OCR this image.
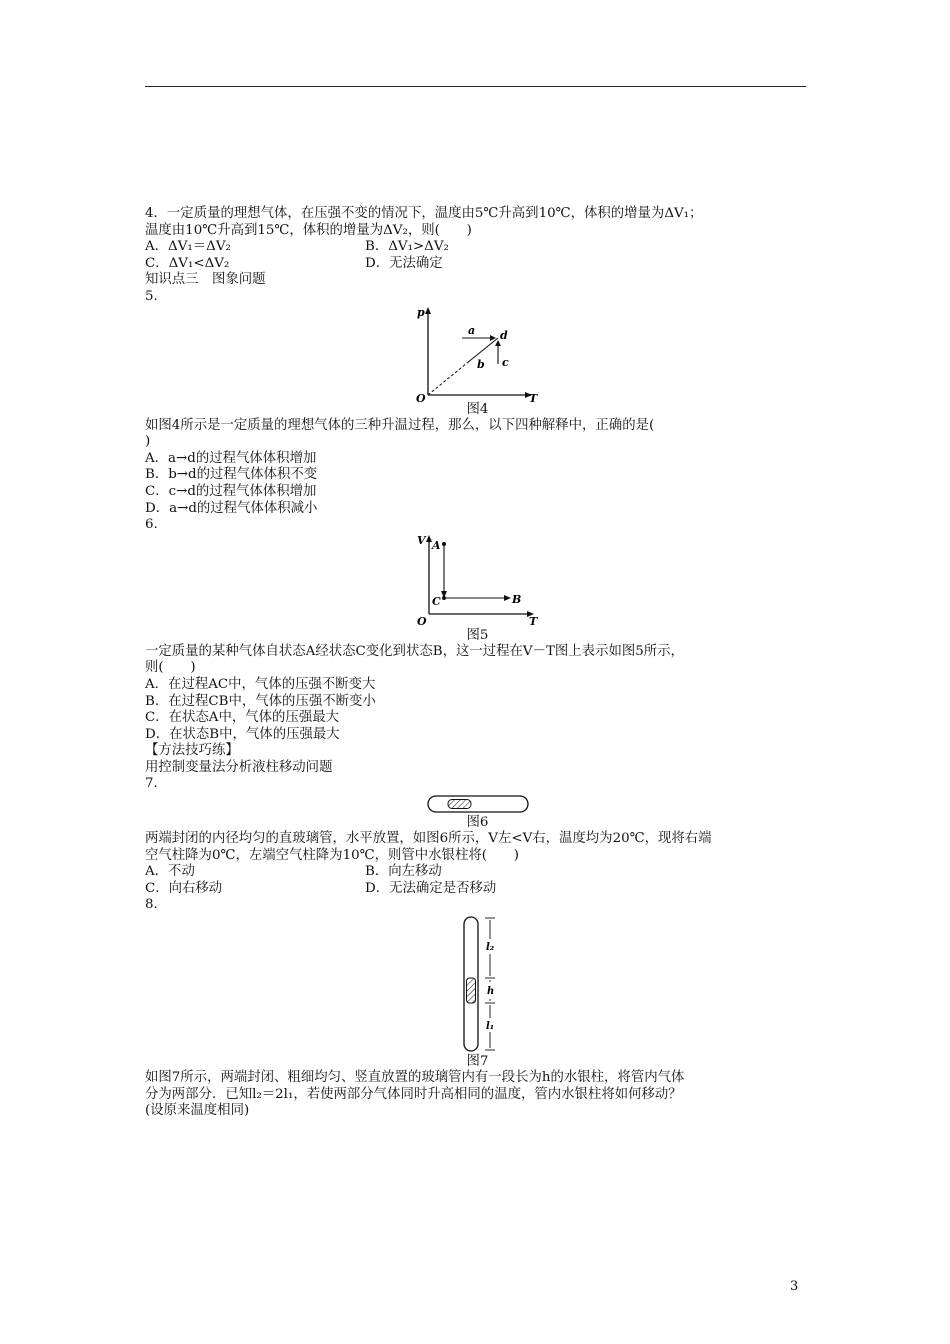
4．一定质量的理想气体，在压强不变的情况下，温度由5℃升高到10℃，体积的增量为ΔV₁；
温度由10℃升高到15℃，体积的增量为ΔV₂，则(　　)
A．ΔV₁＝ΔV₂	B．ΔV₁>ΔV₂
C．ΔV₁<ΔV₂	D．无法确定
知识点三　图象问题
5.
p
T
O
a
b c
d
图4
如图4所示是一定质量的理想气体的三种升温过程，那么，以下四种解释中，正确的是(
)
A．a→d的过程气体体积增加
B．b→d的过程气体体积不变
C．c→d的过程气体体积增加
D．a→d的过程气体体积减小
6.
V
T
O
A
C	B
图5
一定质量的某种气体自状态A经状态C变化到状态B，这一过程在V－T图上表示如图5所示，
则(　　)
A．在过程AC中，气体的压强不断变大
B．在过程CB中，气体的压强不断变小
C．在状态A中，气体的压强最大
D．在状态B中，气体的压强最大
【方法技巧练】
用控制变量法分析液柱移动问题
7.
图6
两端封闭的内径均匀的直玻璃管，水平放置，如图6所示，V左<V右，温度均为20℃，现将右端
空气柱降为0℃，左端空气柱降为10℃，则管中水银柱将(　　)
A．不动	B．向左移动
C．向右移动	D．无法确定是否移动
8.
l₂
h
l₁
图7
如图7所示，两端封闭、粗细均匀、竖直放置的玻璃管内有一段长为h的水银柱，将管内气体
分为两部分．已知l₂＝2l₁，若使两部分气体同时升高相同的温度，管内水银柱将如何移动？
(设原来温度相同)
3
